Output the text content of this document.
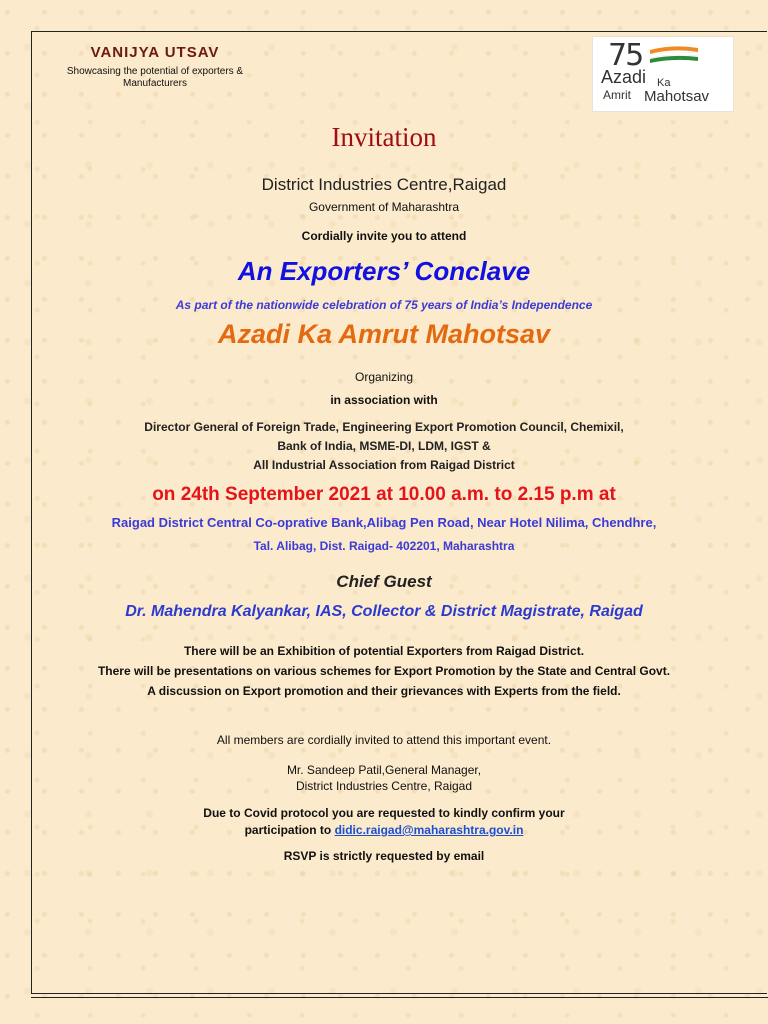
VANIJYA UTSAV
Showcasing the potential of exporters &
Manufacturers
75
Azadi Ka
Amrit Mahotsav
Invitation
District Industries Centre,Raigad
Government of Maharashtra
Cordially invite you to attend
An Exporters’ Conclave
As part of the nationwide celebration of 75 years of India’s Independence
Azadi Ka Amrut Mahotsav
Organizing
in association with
Director General of Foreign Trade, Engineering Export Promotion Council, Chemixil,
Bank of India, MSME-DI, LDM, IGST &
All Industrial Association from Raigad District
on 24th September 2021 at 10.00 a.m. to 2.15 p.m at
Raigad District Central Co-oprative Bank,Alibag Pen Road, Near Hotel Nilima, Chendhre,
Tal. Alibag, Dist. Raigad- 402201, Maharashtra
Chief Guest
Dr. Mahendra Kalyankar, IAS, Collector & District Magistrate, Raigad
There will be an Exhibition of potential Exporters from Raigad District.
There will be presentations on various schemes for Export Promotion by the State and Central Govt.
A discussion on Export promotion and their grievances with Experts from the field.
All members are cordially invited to attend this important event.
Mr. Sandeep Patil,General Manager,
District Industries Centre, Raigad
Due to Covid protocol you are requested to kindly confirm your
participation to didic.raigad@maharashtra.gov.in
RSVP is strictly requested by email
